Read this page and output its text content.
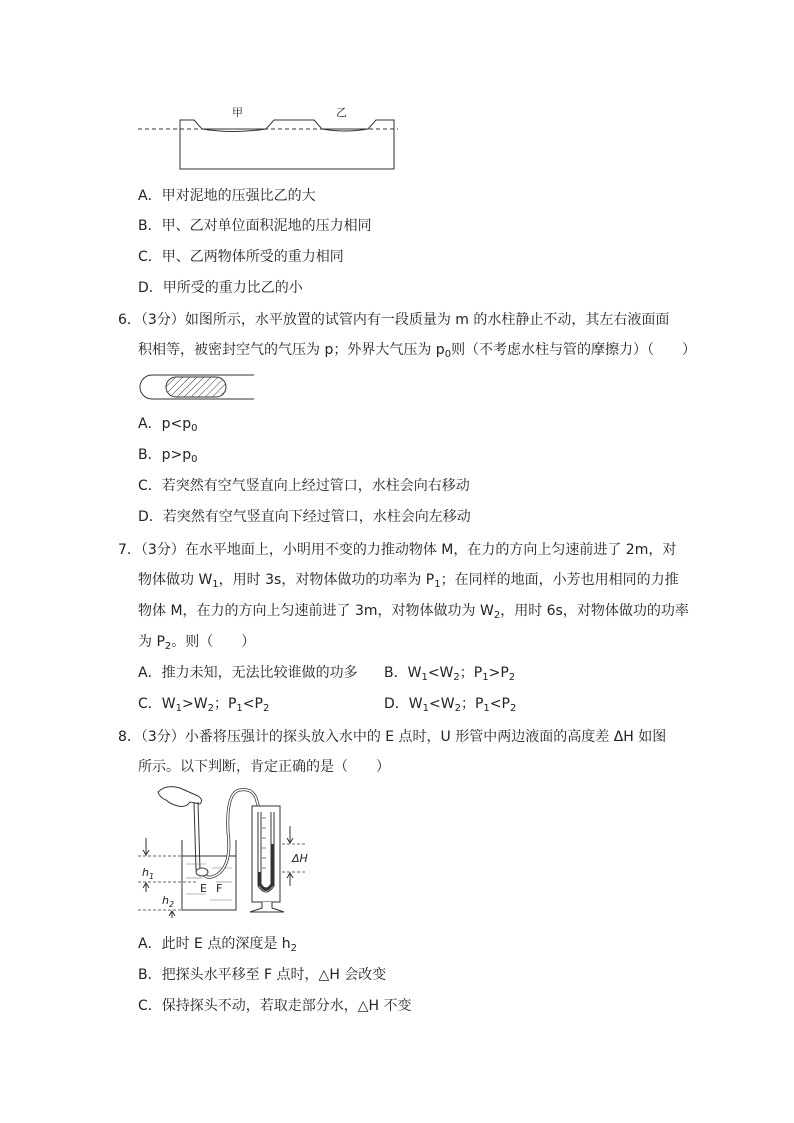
甲	乙
A．甲对泥地的压强比乙的大
B．甲、乙对单位面积泥地的压力相同
C．甲、乙两物体所受的重力相同
D．甲所受的重力比乙的小
6．（3分）如图所示，水平放置的试管内有一段质量为 m 的水柱静止不动，其左右液面面
积相等，被密封空气的气压为 p；外界大气压为 $p_0$则（不考虑水柱与管的摩擦力）（　　）
A．$p<p_0$
B．$p>p_0$
C．若突然有空气竖直向上经过管口，水柱会向右移动
D．若突然有空气竖直向下经过管口，水柱会向左移动
7．（3分）在水平地面上，小明用不变的力推动物体 M，在力的方向上匀速前进了 2m，对
物体做功 $W_1$，用时 3s，对物体做功的功率为 $P_1$；在同样的地面，小芳也用相同的力推
物体 M，在力的方向上匀速前进了 3m，对物体做功为 $W_2$，用时 6s，对物体做功的功率
为 $P_2$。则（　　）
A．推力未知，无法比较谁做的功多 B．$W_1<W_2$；$P_1>P_2$
C．$W_1>W_2$；$P_1<P_2$	D．$W_1<W_2$；$P_1<P_2$
8．（3分）小番将压强计的探头放入水中的 E 点时，U 形管中两边液面的高度差 ΔH 如图
所示。以下判断，肯定正确的是（　　）
ΔH
$h_1$
$h_2$
E F
A．此时 E 点的深度是 $h_2$
B．把探头水平移至 F 点时，△H 会改变
C．保持探头不动，若取走部分水，△H 不变
